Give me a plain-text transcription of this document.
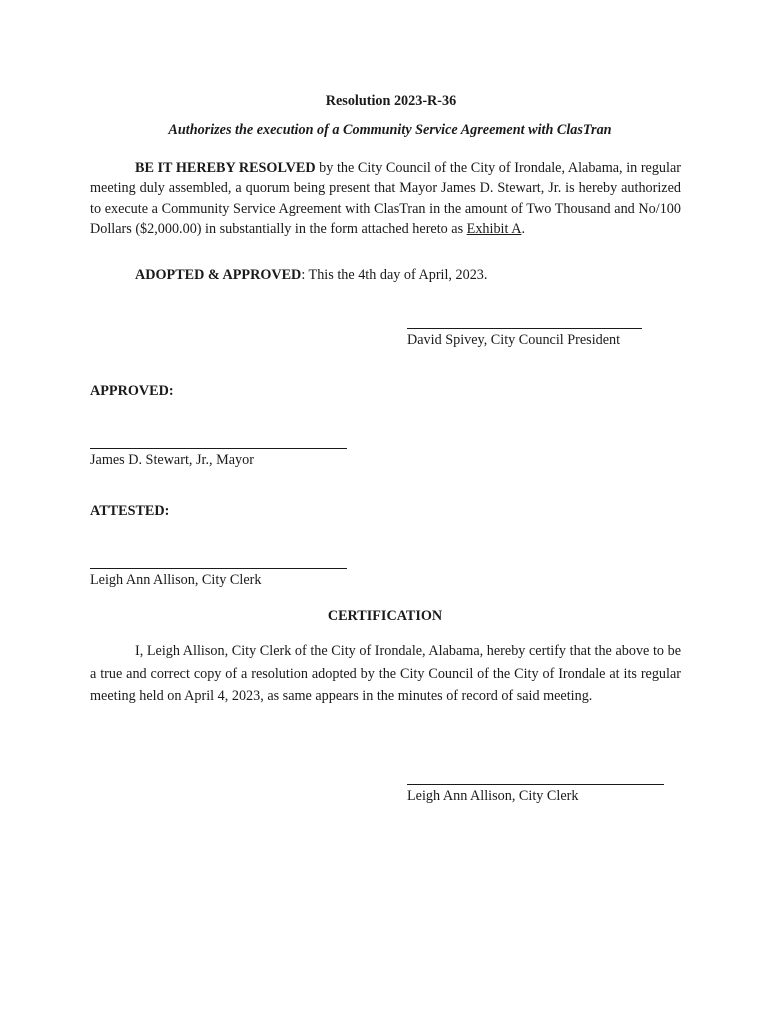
Resolution 2023-R-36
Authorizes the execution of a Community Service Agreement with ClasTran
BE IT HEREBY RESOLVED by the City Council of the City of Irondale, Alabama, in regular meeting duly assembled, a quorum being present that Mayor James D. Stewart, Jr. is hereby authorized to execute a Community Service Agreement with ClasTran in the amount of Two Thousand and No/100 Dollars ($2,000.00) in substantially in the form attached hereto as Exhibit A.
ADOPTED & APPROVED: This the 4th day of April, 2023.
David Spivey, City Council President
APPROVED:
James D. Stewart, Jr., Mayor
ATTESTED:
Leigh Ann Allison, City Clerk
CERTIFICATION
I, Leigh Allison, City Clerk of the City of Irondale, Alabama, hereby certify that the above to be a true and correct copy of a resolution adopted by the City Council of the City of Irondale at its regular meeting held on April 4, 2023, as same appears in the minutes of record of said meeting.
Leigh Ann Allison, City Clerk
